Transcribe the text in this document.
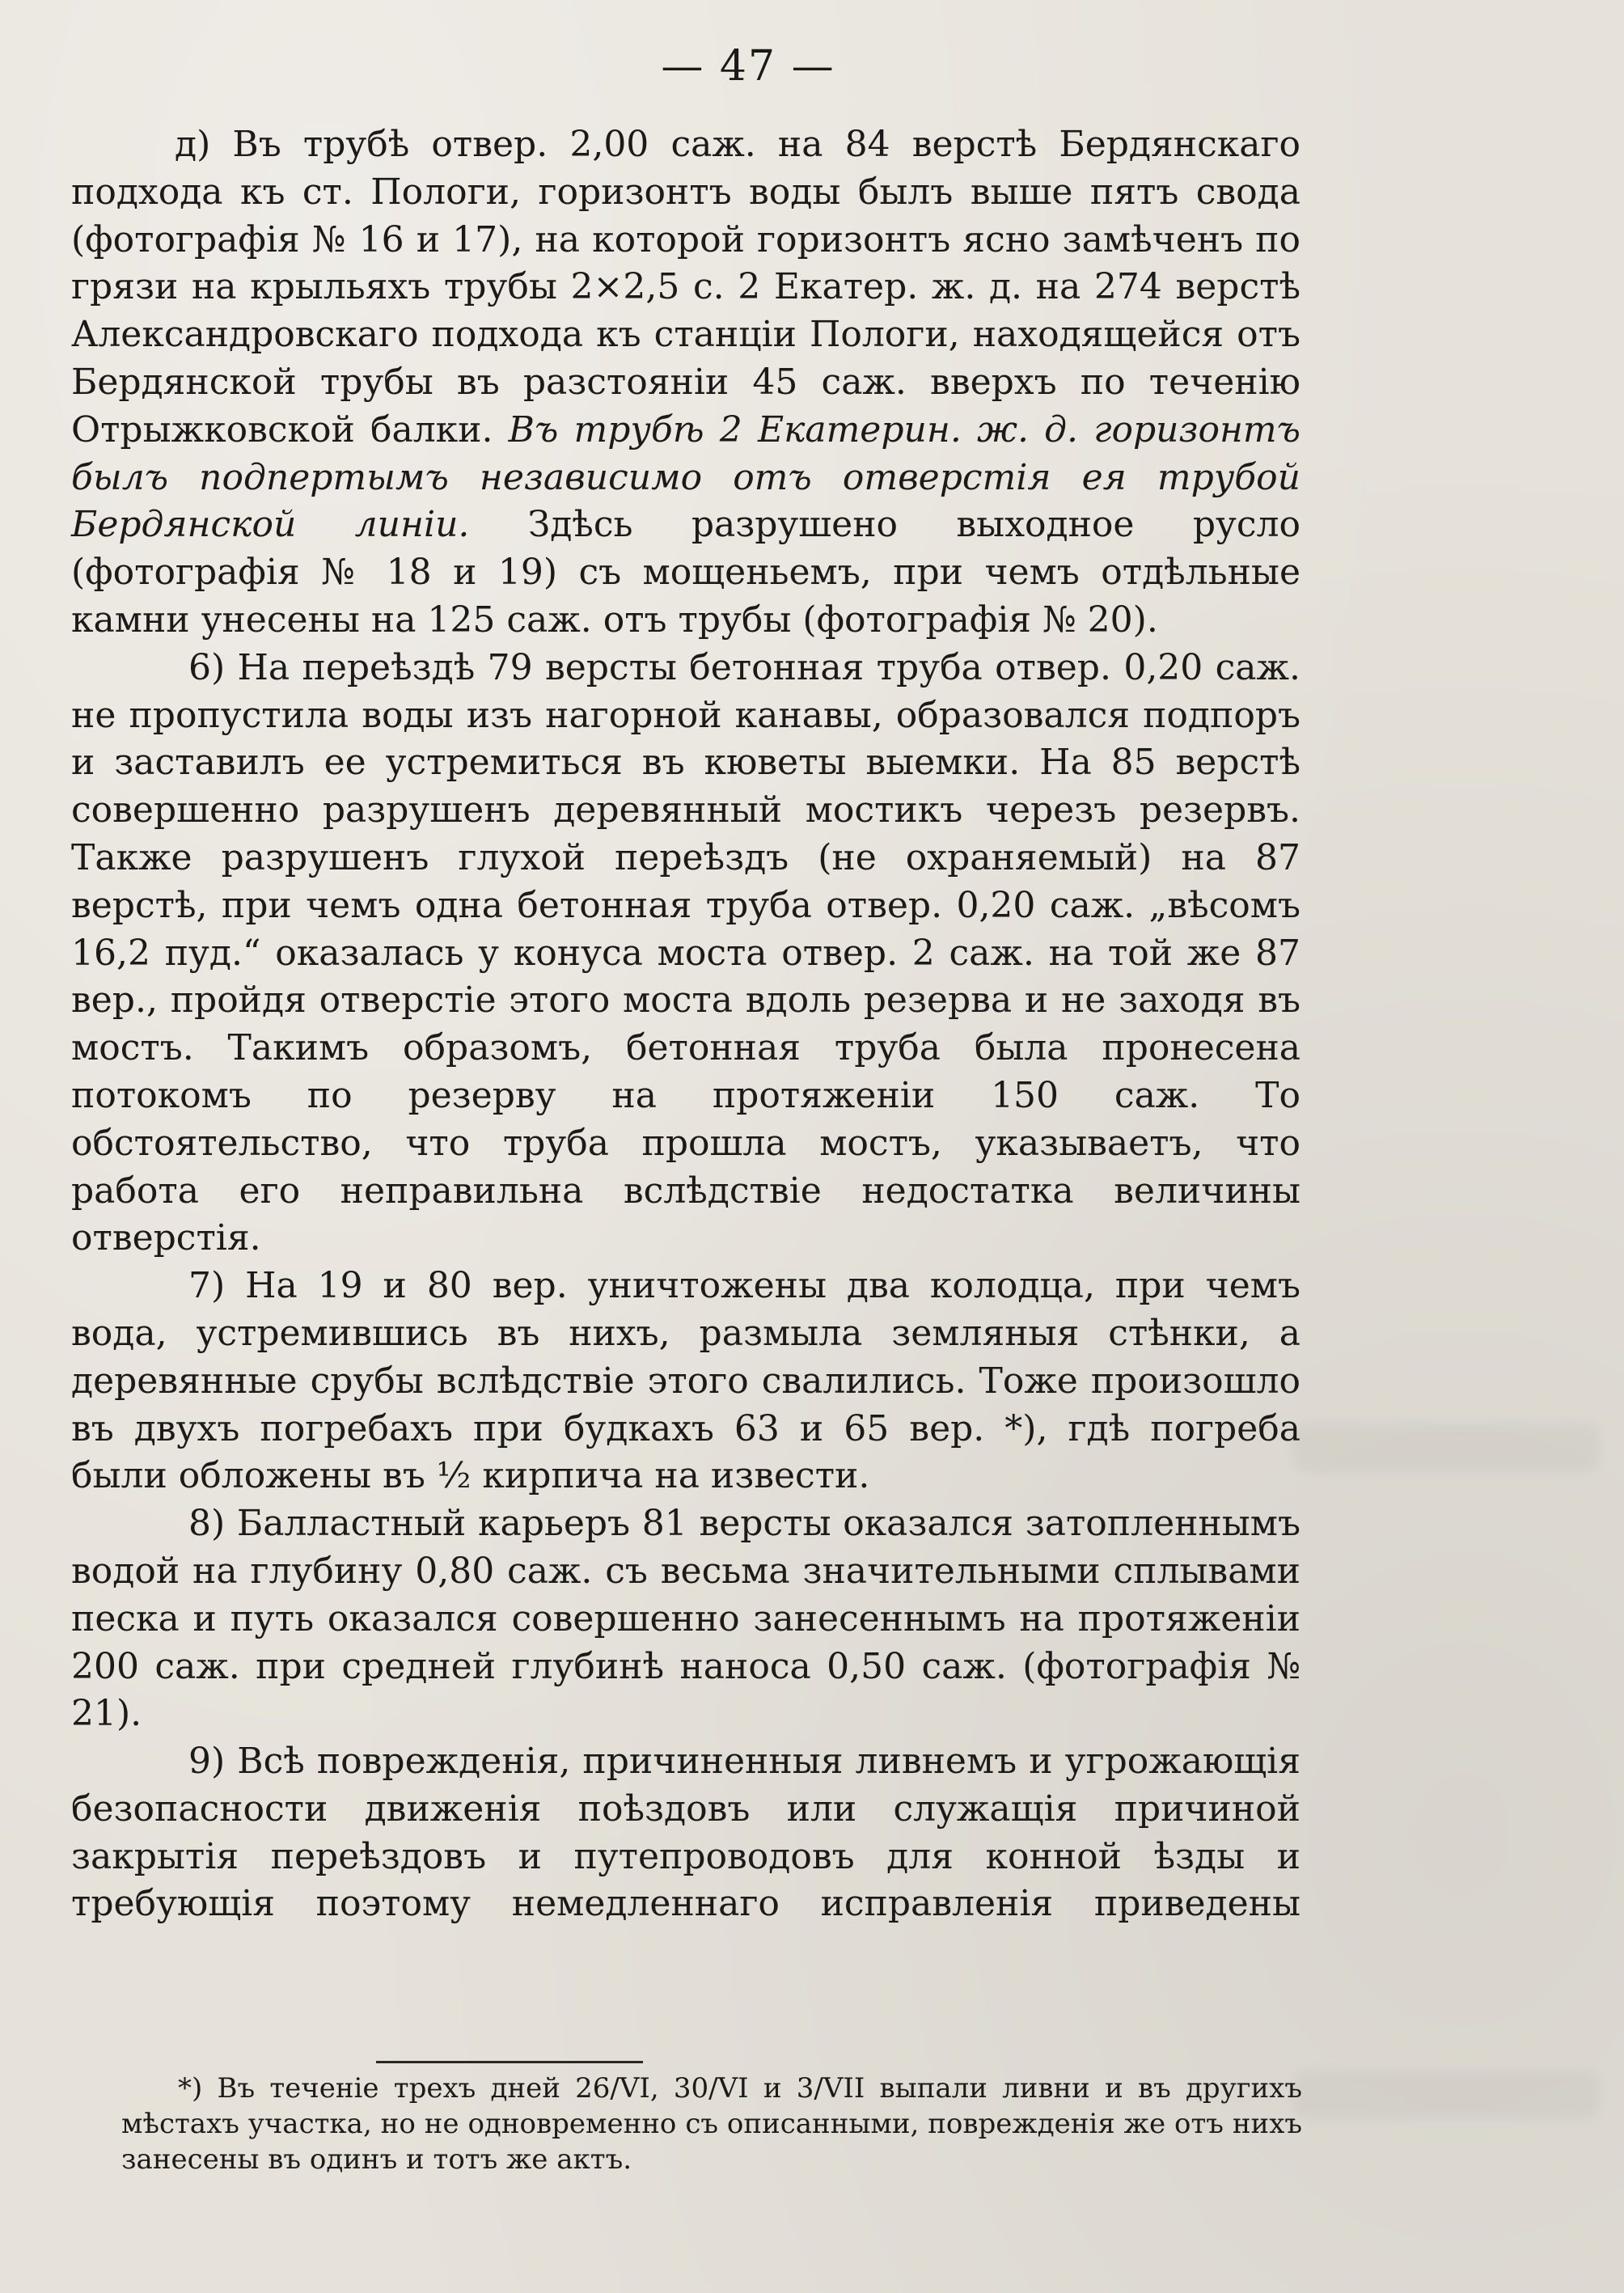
— 47 —

д) Въ трубѣ отвер. 2,00 саж. на 84 верстѣ Бердянскаго подхода къ ст. Пологи, горизонтъ воды былъ выше пятъ свода (фотографія № 16 и 17), на которой горизонтъ ясно замѣченъ по грязи на крыльяхъ трубы 2×2,5 с. 2 Екатер. ж. д. на 274 верстѣ Александровскаго подхода къ станціи Пологи, находящейся отъ Бердянской трубы въ разстояніи 45 саж. вверхъ по теченію Отрыжковской балки. Въ трубѣ 2 Екатерин. ж. д. горизонтъ былъ подпертымъ независимо отъ отверстія ея трубой Бердянской линіи. Здѣсь разрушено выходное русло (фотографія № 18 и 19) съ мощеньемъ, при чемъ отдѣльные камни унесены на 125 саж. отъ трубы (фотографія № 20).

6) На переѣздѣ 79 версты бетонная труба отвер. 0,20 саж. не пропустила воды изъ нагорной канавы, образовался подпоръ и заставилъ ее устремиться въ кюветы выемки. На 85 верстѣ совершенно разрушенъ деревянный мостикъ черезъ резервъ. Также разрушенъ глухой переѣздъ (не охраняемый) на 87 верстѣ, при чемъ одна бетонная труба отвер. 0,20 саж. „вѣсомъ 16,2 пуд.“ оказалась у конуса моста отвер. 2 саж. на той же 87 вер., пройдя отверстіе этого моста вдоль резерва и не заходя въ мостъ. Такимъ образомъ, бетонная труба была пронесена потокомъ по резерву на протяженіи 150 саж. То обстоятельство, что труба прошла мостъ, указываетъ, что работа его неправильна вслѣдствіе недостатка величины отверстія.

7) На 19 и 80 вер. уничтожены два колодца, при чемъ вода, устремившись въ нихъ, размыла земляныя стѣнки, а деревянные срубы вслѣдствіе этого свалились. Тоже произошло въ двухъ погребахъ при будкахъ 63 и 65 вер. *), гдѣ погреба были обложены въ ½ кирпича на извести.

8) Балластный карьеръ 81 версты оказался затопленнымъ водой на глубину 0,80 саж. съ весьма значительными сплывами песка и путь оказался совершенно занесеннымъ на протяженіи 200 саж. при средней глубинѣ наноса 0,50 саж. (фотографія № 21).

9) Всѣ поврежденія, причиненныя ливнемъ и угрожающія безопасности движенія поѣздовъ или служащія причиной закрытія переѣздовъ и путепроводовъ для конной ѣзды и требующія поэтому немедленнаго исправленія приведены

*) Въ теченіе трехъ дней 26/VI, 30/VI и 3/VII выпали ливни и въ другихъ мѣстахъ участка, но не одновременно съ описанными, поврежденія же отъ нихъ занесены въ одинъ и тотъ же актъ.
